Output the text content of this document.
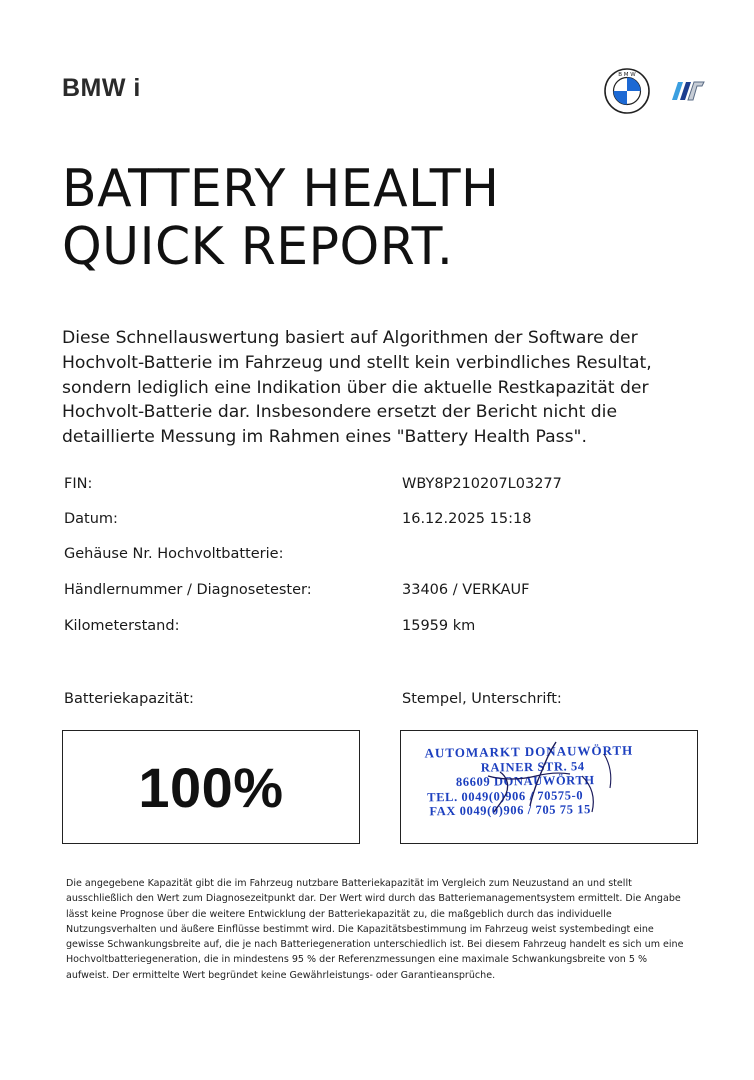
BMW i	B M W
BATTERY HEALTH
QUICK REPORT.

Diese Schnellauswertung basiert auf Algorithmen der Software der Hochvolt-Batterie im Fahrzeug und stellt kein verbindliches Resultat, sondern lediglich eine Indikation über die aktuelle Restkapazität der Hochvolt-Batterie dar. Insbesondere ersetzt der Bericht nicht die detaillierte Messung im Rahmen eines "Battery Health Pass".

FIN:	WBY8P210207L03277
Datum:	16.12.2025 15:18
Gehäuse Nr. Hochvoltbatterie:
Händlernummer / Diagnosetester:	33406 / VERKAUF
Kilometerstand:	15959 km
Batteriekapazität:	Stempel, Unterschrift:
100%
AUTOMARKT DONAUWÖRTH
RAINER STR. 54
86609 DONAUWÖRTH
TEL. 0049(0)906 / 70575-0
FAX 0049(0)906 / 705 75 15

Die angegebene Kapazität gibt die im Fahrzeug nutzbare Batteriekapazität im Vergleich zum Neuzustand an und stellt ausschließlich den Wert zum Diagnosezeitpunkt dar. Der Wert wird durch das Batteriemanagementsystem ermittelt. Die Angabe lässt keine Prognose über die weitere Entwicklung der Batteriekapazität zu, die maßgeblich durch das individuelle Nutzungsverhalten und äußere Einflüsse bestimmt wird. Die Kapazitätsbestimmung im Fahrzeug weist systembedingt eine gewisse Schwankungsbreite auf, die je nach Batteriegeneration unterschiedlich ist. Bei diesem Fahrzeug handelt es sich um eine Hochvoltbatteriegeneration, die in mindestens 95 % der Referenzmessungen eine maximale Schwankungsbreite von 5 % aufweist. Der ermittelte Wert begründet keine Gewährleistungs- oder Garantieansprüche.
